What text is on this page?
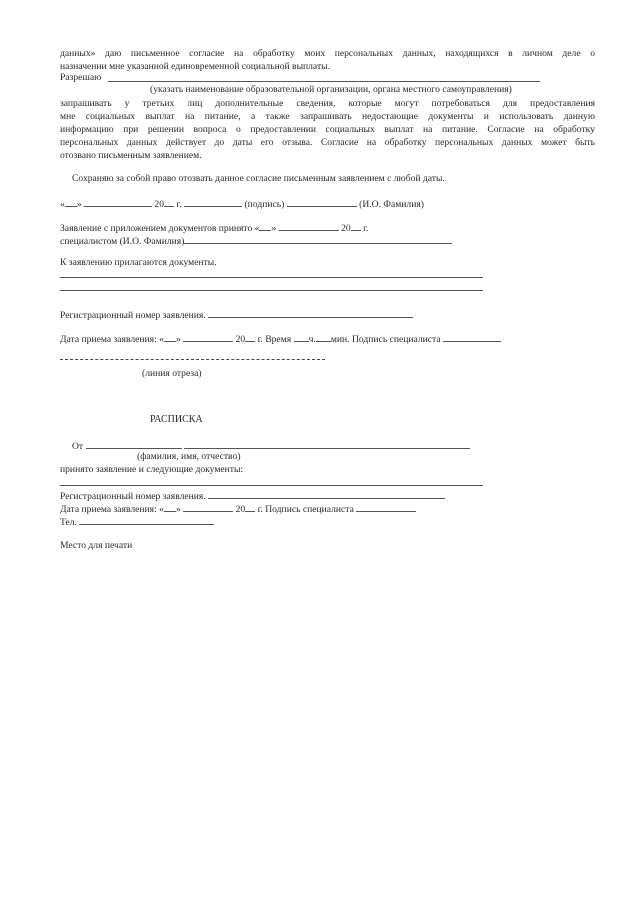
данных» даю письменное согласие на обработку моих персональных данных, находящихся в личном деле о
назначении мне указанной единовременной социальной выплаты.
Разрешаю
(указать наименование образовательной организации, органа местного самоуправления)
запрашивать у третьих лиц дополнительные сведения, которые могут потребоваться для предоставления
мне социальных выплат на питание, а также запрашивать недостающие документы и использовать данную
информацию при решении вопроса о предоставлении социальных выплат на питание. Согласие на обработку
персональных данных действует до даты его отзыва. Согласие на обработку персональных данных может быть
отозвано письменным заявлением.
Сохраняю за собой право отозвать данное согласие письменным заявлением с любой даты.
« »	20 г.	(подпись)	(И.О. Фамилия)
Заявление с приложением документов принято « »	20 г.
специалистом (И.О. Фамилия)
К заявлению прилагаются документы.
Регистрационный номер заявления.
Дата приема заявления: « »	20 г. Время ч. мин. Подпись специалиста
(линия отреза)
РАСПИСКА
От
(фамилия, имя, отчество)
принято заявление и следующие документы:
Регистрационный номер заявления.
Дата приема заявления: « »	20 г. Подпись специалиста
Тел.
Место для печати
